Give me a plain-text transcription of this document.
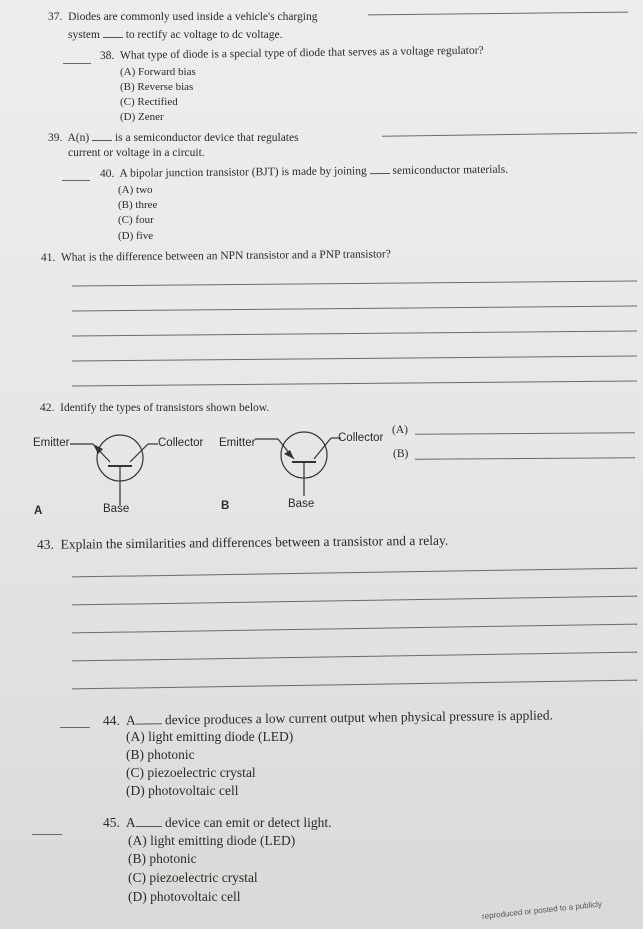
37. Diodes are commonly used inside a vehicle's charging
system to rectify ac voltage to dc voltage.
38. What type of diode is a special type of diode that serves as a voltage regulator?
(A) Forward bias
(B) Reverse bias
(C) Rectified
(D) Zener
39. A(n) is a semiconductor device that regulates
current or voltage in a circuit.
40. A bipolar junction transistor (BJT) is made by joining semiconductor materials.
(A) two
(B) three
(C) four
(D) five
41. What is the difference between an NPN transistor and a PNP transistor?
42. Identify the types of transistors shown below.
Emitter	Collector Emitter	Collector
Base	Base
A	B
(A)
(B)
43. Explain the similarities and differences between a transistor and a relay.
44. A device produces a low current output when physical pressure is applied.
(A) light emitting diode (LED)
(B) photonic
(C) piezoelectric crystal
(D) photovoltaic cell
45. A device can emit or detect light.
(A) light emitting diode (LED)
(B) photonic
(C) piezoelectric crystal
(D) photovoltaic cell
reproduced or posted to a publicly
